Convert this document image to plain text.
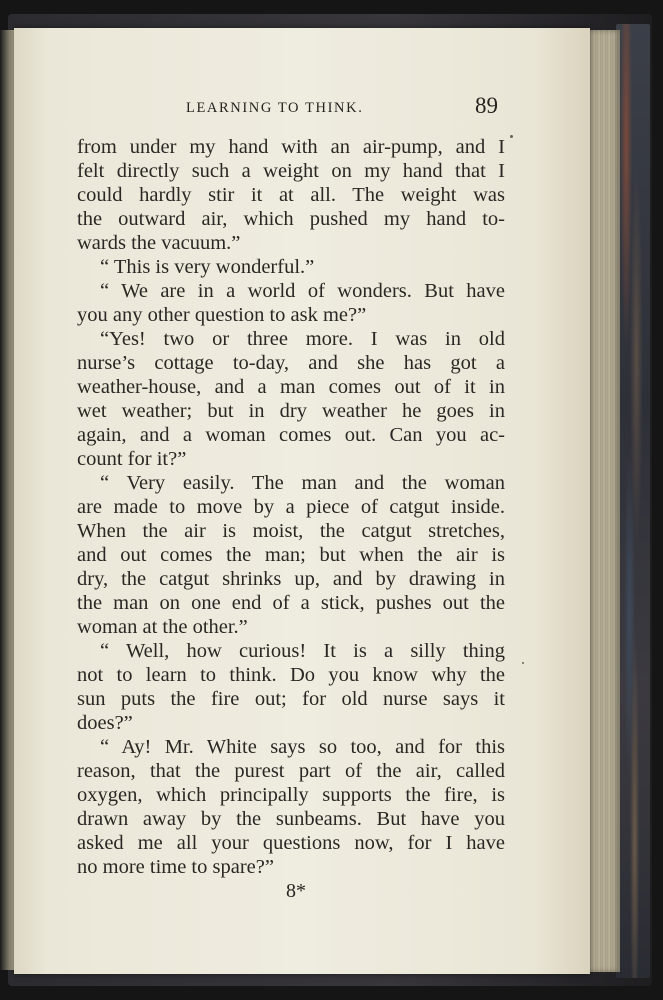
LEARNING TO THINK.	89
from under my hand with an air-pump, and I
felt directly such a weight on my hand that I
could hardly stir it at all. The weight was
the outward air, which pushed my hand to-
wards the vacuum.”
“ This is very wonderful.”
“ We are in a world of wonders. But have
you any other question to ask me?”
“Yes! two or three more. I was in old
nurse’s cottage to-day, and she has got a
weather-house, and a man comes out of it in
wet weather; but in dry weather he goes in
again, and a woman comes out. Can you ac-
count for it?”
“ Very easily. The man and the woman
are made to move by a piece of catgut inside.
When the air is moist, the catgut stretches,
and out comes the man; but when the air is
dry, the catgut shrinks up, and by drawing in
the man on one end of a stick, pushes out the
woman at the other.”
“ Well, how curious! It is a silly thing
not to learn to think. Do you know why the
sun puts the fire out; for old nurse says it
does?”
“ Ay! Mr. White says so too, and for this
reason, that the purest part of the air, called
oxygen, which principally supports the fire, is
drawn away by the sunbeams. But have you
asked me all your questions now, for I have
no more time to spare?”
8*
